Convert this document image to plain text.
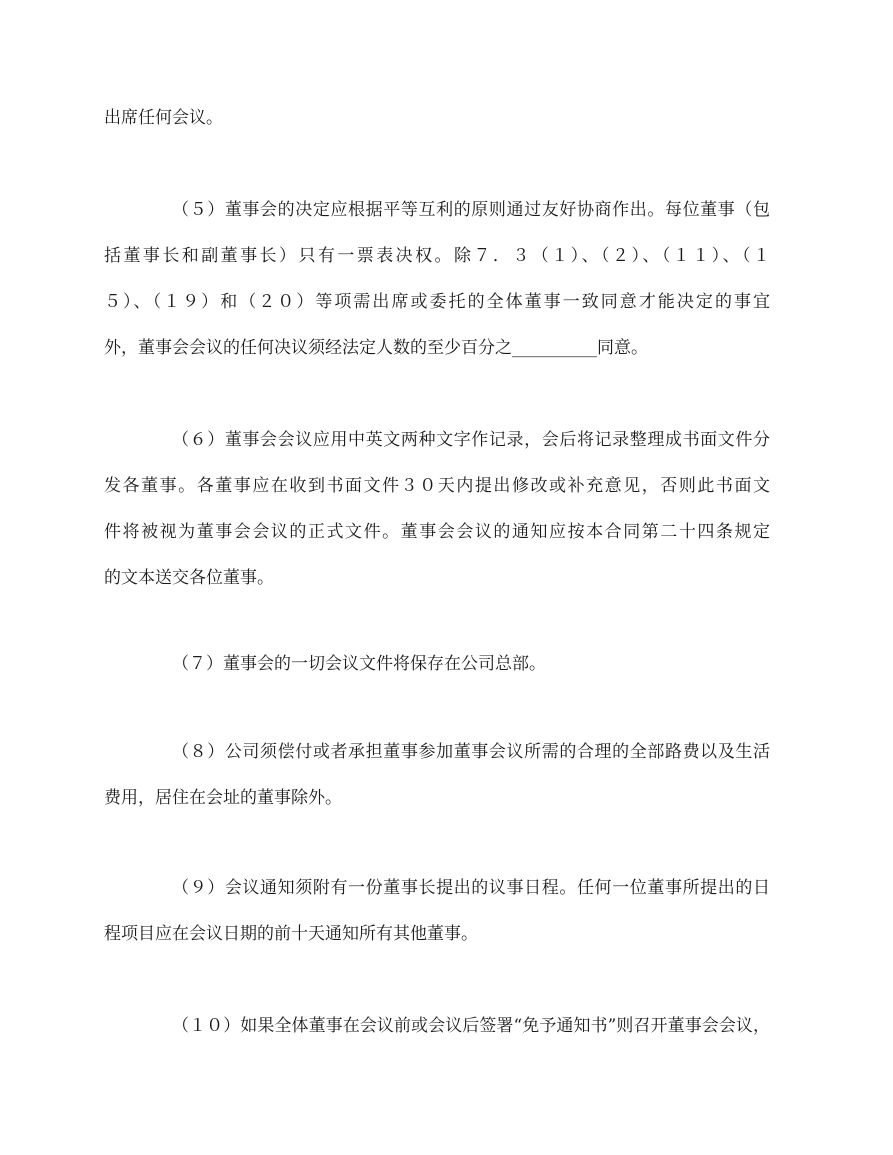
出席任何会议。
（５）董事会的决定应根据平等互利的原则通过友好协商作出。每位董事（包
括董事长和副董事长）只有一票表决权。除７．３（１）、（２）、（１１）、（１
５）、（１９）和（２０）等项需出席或委托的全体董事一致同意才能决定的事宜
外，董事会会议的任何决议须经法定人数的至少百分之__________同意。
（６）董事会会议应用中英文两种文字作记录，会后将记录整理成书面文件分
发各董事。各董事应在收到书面文件３０天内提出修改或补充意见，否则此书面文
件将被视为董事会会议的正式文件。董事会会议的通知应按本合同第二十四条规定
的文本送交各位董事。
（７）董事会的一切会议文件将保存在公司总部。
（８）公司须偿付或者承担董事参加董事会议所需的合理的全部路费以及生活
费用，居住在会址的董事除外。
（９）会议通知须附有一份董事长提出的议事日程。任何一位董事所提出的日
程项目应在会议日期的前十天通知所有其他董事。
（１０）如果全体董事在会议前或会议后签署“免予通知书”则召开董事会会议，
